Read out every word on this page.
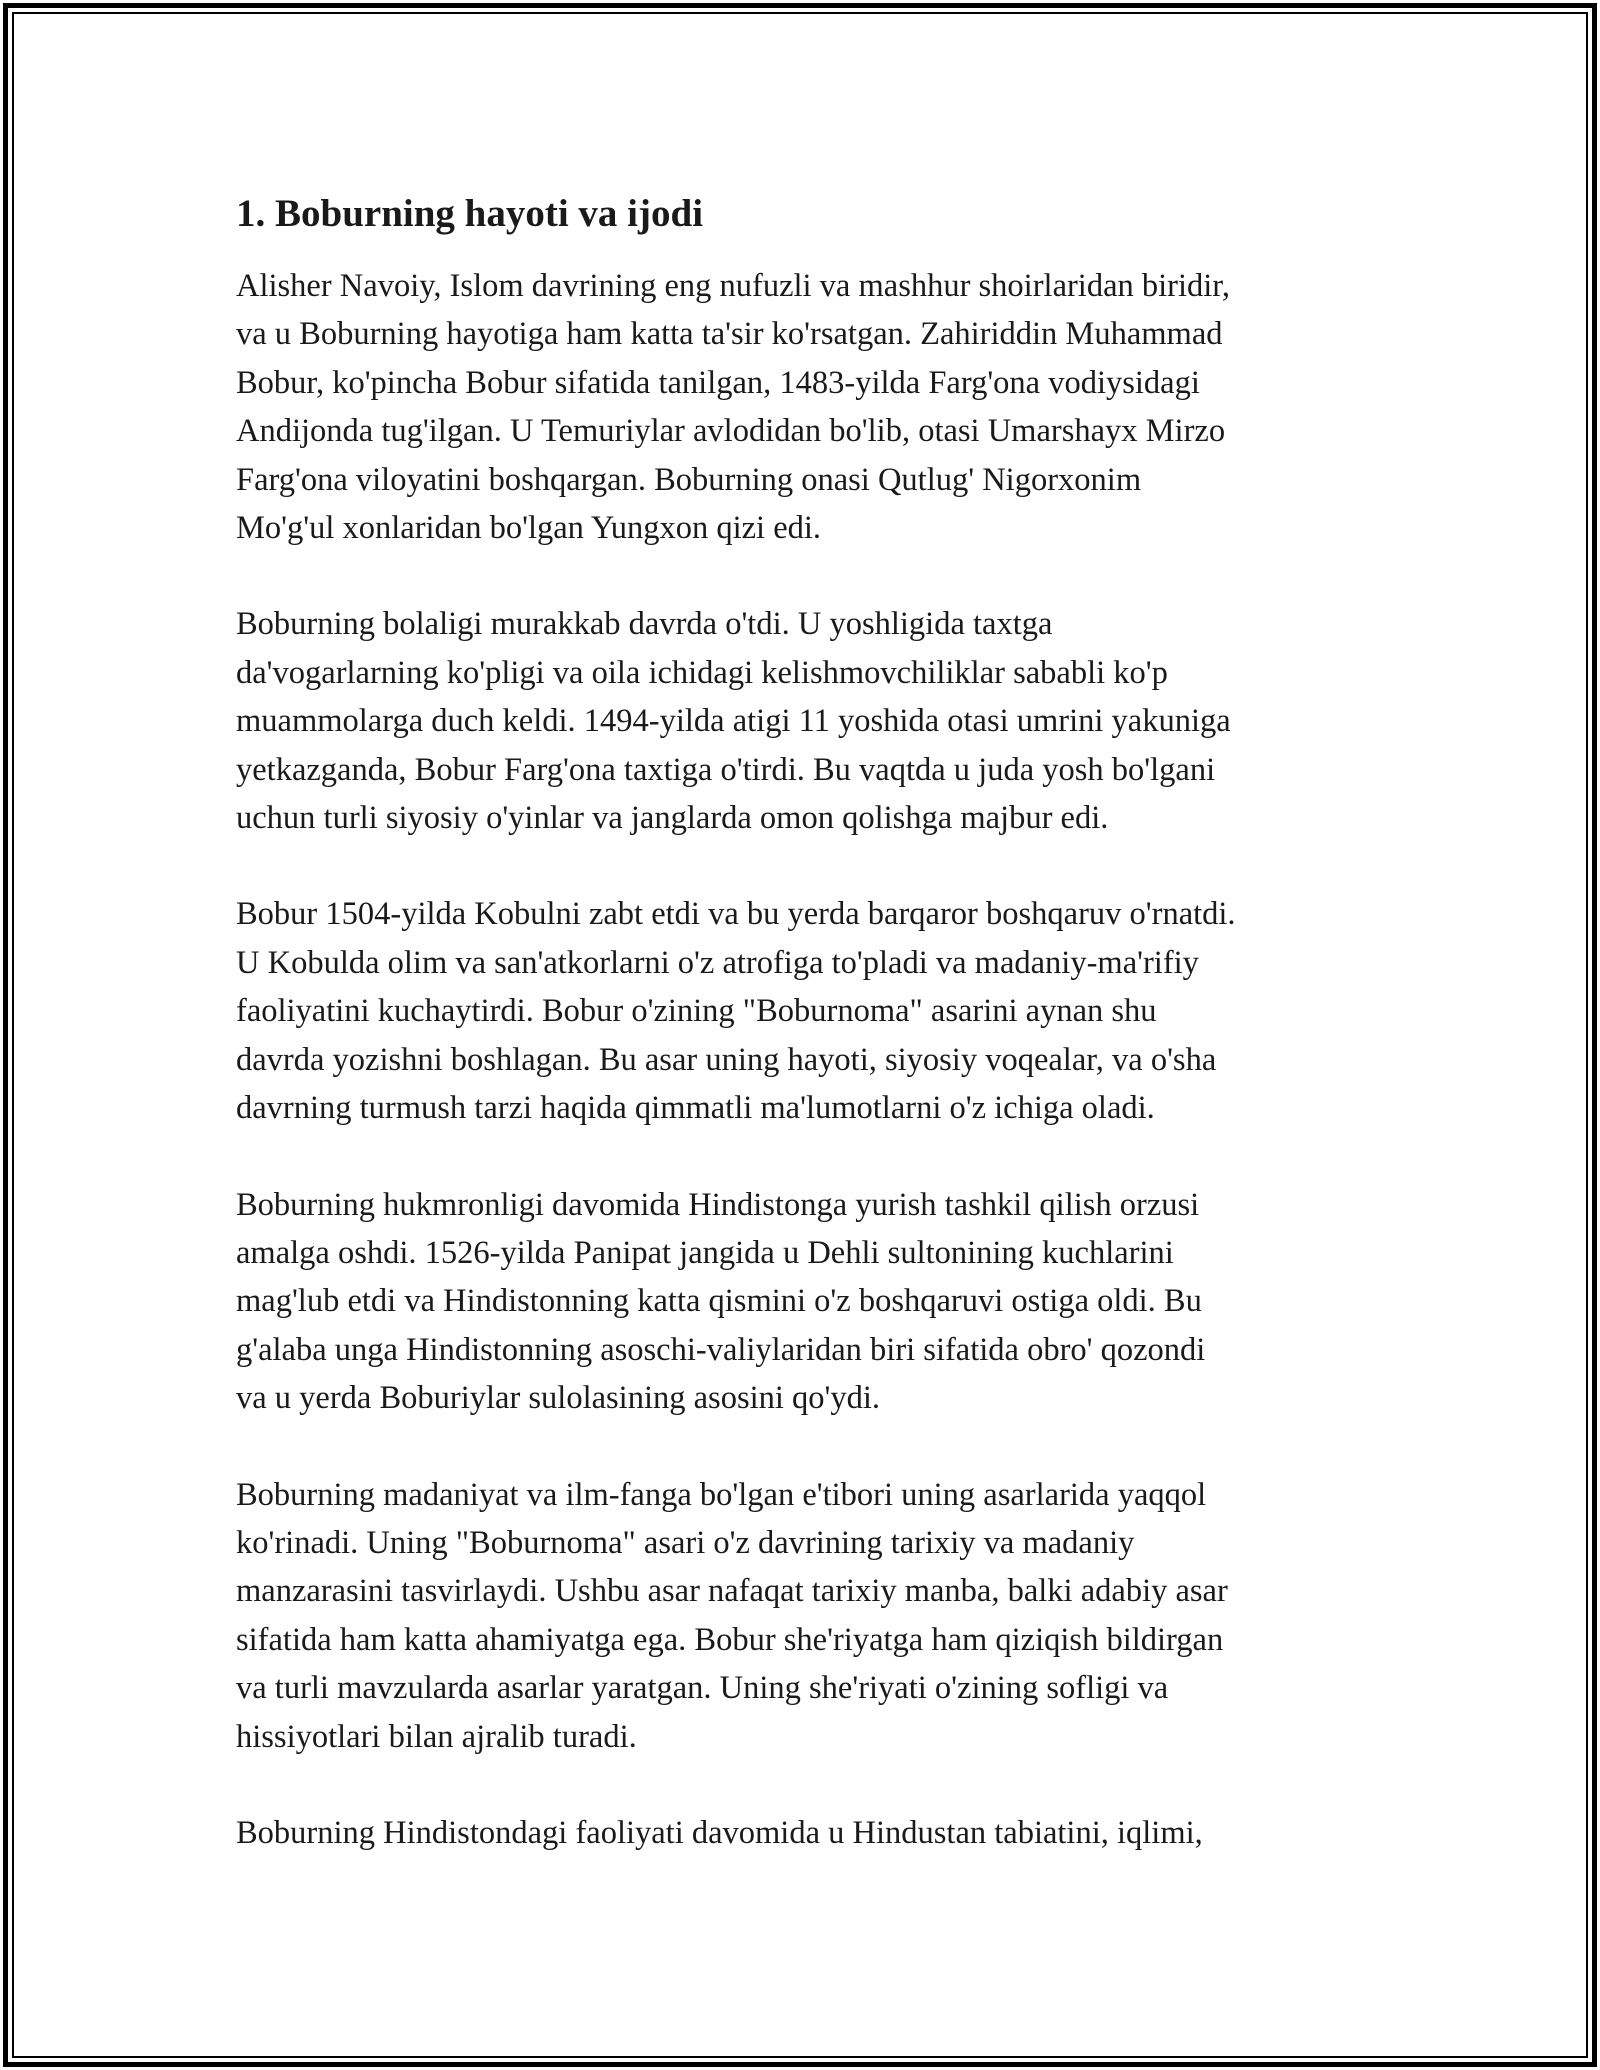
1. Boburning hayoti va ijodi

Alisher Navoiy, Islom davrining eng nufuzli va mashhur shoirlaridan biridir,
va u Boburning hayotiga ham katta ta'sir ko'rsatgan. Zahiriddin Muhammad
Bobur, ko'pincha Bobur sifatida tanilgan, 1483-yilda Farg'ona vodiysidagi
Andijonda tug'ilgan. U Temuriylar avlodidan bo'lib, otasi Umarshayx Mirzo
Farg'ona viloyatini boshqargan. Boburning onasi Qutlug' Nigorxonim
Mo'g'ul xonlaridan bo'lgan Yungxon qizi edi.

Boburning bolaligi murakkab davrda o'tdi. U yoshligida taxtga
da'vogarlarning ko'pligi va oila ichidagi kelishmovchiliklar sababli ko'p
muammolarga duch keldi. 1494-yilda atigi 11 yoshida otasi umrini yakuniga
yetkazganda, Bobur Farg'ona taxtiga o'tirdi. Bu vaqtda u juda yosh bo'lgani
uchun turli siyosiy o'yinlar va janglarda omon qolishga majbur edi.

Bobur 1504-yilda Kobulni zabt etdi va bu yerda barqaror boshqaruv o'rnatdi.
U Kobulda olim va san'atkorlarni o'z atrofiga to'pladi va madaniy-ma'rifiy
faoliyatini kuchaytirdi. Bobur o'zining "Boburnoma" asarini aynan shu
davrda yozishni boshlagan. Bu asar uning hayoti, siyosiy voqealar, va o'sha
davrning turmush tarzi haqida qimmatli ma'lumotlarni o'z ichiga oladi.

Boburning hukmronligi davomida Hindistonga yurish tashkil qilish orzusi
amalga oshdi. 1526-yilda Panipat jangida u Dehli sultonining kuchlarini
mag'lub etdi va Hindistonning katta qismini o'z boshqaruvi ostiga oldi. Bu
g'alaba unga Hindistonning asoschi-valiylaridan biri sifatida obro' qozondi
va u yerda Boburiylar sulolasining asosini qo'ydi.

Boburning madaniyat va ilm-fanga bo'lgan e'tibori uning asarlarida yaqqol
ko'rinadi. Uning "Boburnoma" asari o'z davrining tarixiy va madaniy
manzarasini tasvirlaydi. Ushbu asar nafaqat tarixiy manba, balki adabiy asar
sifatida ham katta ahamiyatga ega. Bobur she'riyatga ham qiziqish bildirgan
va turli mavzularda asarlar yaratgan. Uning she'riyati o'zining sofligi va
hissiyotlari bilan ajralib turadi.

Boburning Hindistondagi faoliyati davomida u Hindustan tabiatini, iqlimi,
